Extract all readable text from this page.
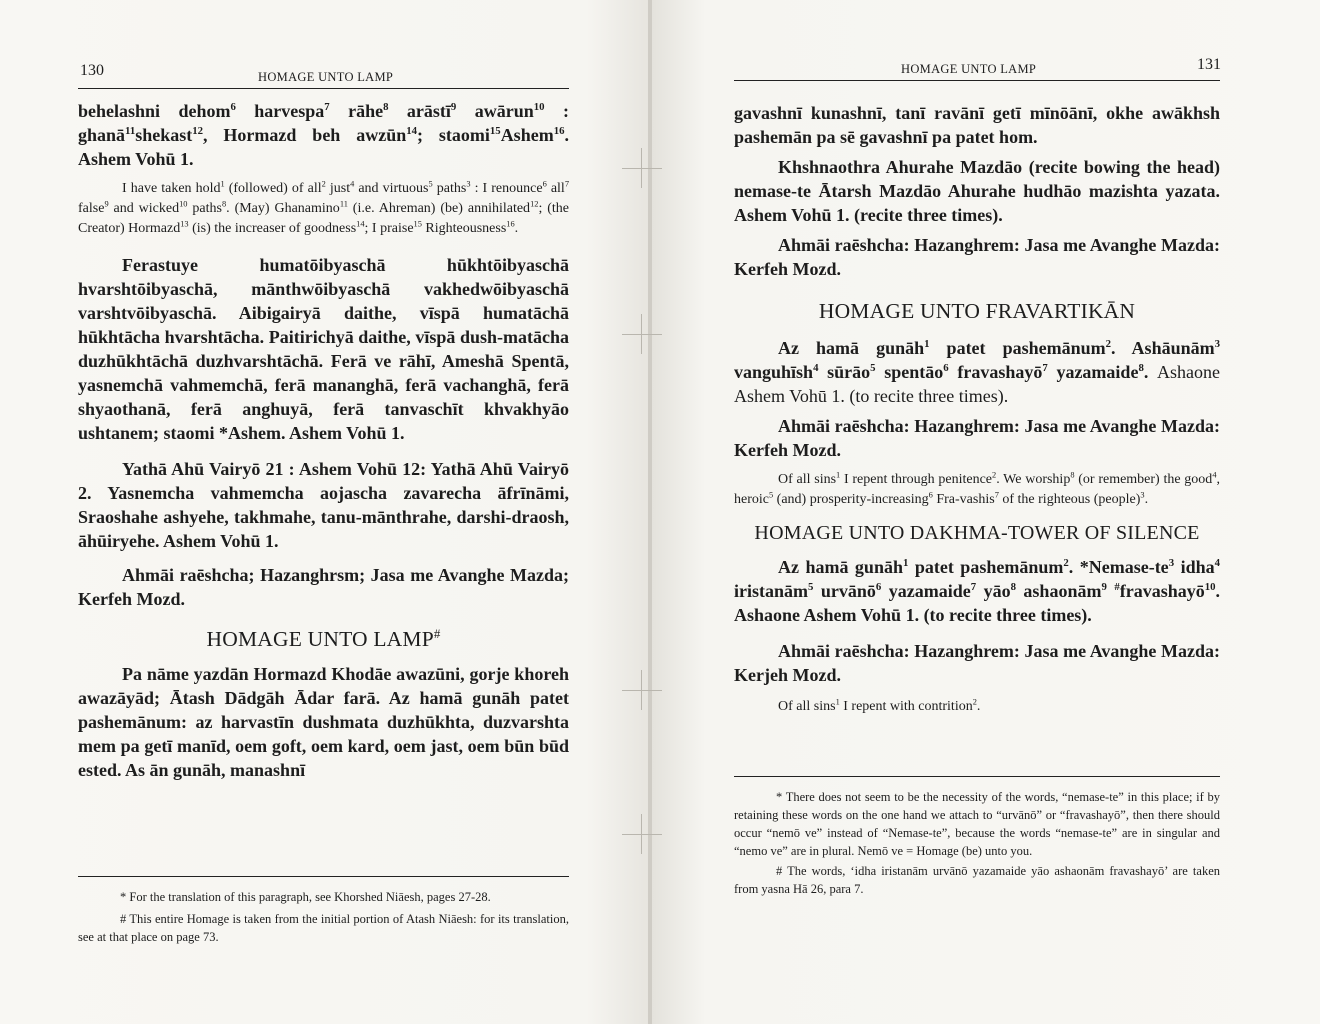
130	HOMAGE UNTO LAMP

behelashni dehom$^6$ harvespa$^7$ rāhe$^8$ arāstī$^9$ awārun$^{10}$ : ghanā$^{11}$shekast$^{12}$, Hormazd beh awzūn$^{14}$; staomi$^{15}$Ashem$^{16}$. Ashem Vohū 1.

I have taken hold$^1$ (followed) of all$^2$ just$^4$ and virtuous$^5$ paths$^3$ : I renounce$^6$ all$^7$ false$^9$ and wicked$^{10}$ paths$^8$. (May) Ghanamino$^{11}$ (i.e. Ahreman) (be) annihilated$^{12}$; (the Creator) Hormazd$^{13}$ (is) the increaser of goodness$^{14}$; I praise$^{15}$ Righteousness$^{16}$.

Ferastuye humatōibyaschā hūkhtōibyaschā hvarshtōibyaschā, mānthwōibyaschā vakhedwōibyaschā varshtvōibyaschā. Aibigairyā daithe, vīspā humatāchā hūkhtācha hvarshtācha. Paitirichyā daithe, vīspā dush-matācha duzhūkhtāchā duzhvarshtāchā. Ferā ve rāhī, Ameshā Spentā, yasnemchā vahmemchā, ferā mananghā, ferā vachanghā, ferā shyaothanā, ferā anghuyā, ferā tanvaschīt khvakhyāo ushtanem; staomi *Ashem. Ashem Vohū 1.

Yathā Ahū Vairyō 21 : Ashem Vohū 12: Yathā Ahū Vairyō 2. Yasnemcha vahmemcha aojascha zavarecha āfrīnāmi, Sraoshahe ashyehe, takhmahe, tanu-mānthrahe, darshi-draosh, āhūiryehe. Ashem Vohū 1.

Ahmāi raēshcha; Hazanghrsm; Jasa me Avanghe Mazda; Kerfeh Mozd.

HOMAGE UNTO LAMP#

Pa nāme yazdān Hormazd Khodāe awazūni, gorje khoreh awazāyād; Ātash Dādgāh Ādar farā. Az hamā gunāh patet pashemānum: az harvastīn dushmata duzhūkhta, duzvarshta mem pa getī manīd, oem goft, oem kard, oem jast, oem būn būd ested. As ān gunāh, manashnī

* For the translation of this paragraph, see Khorshed Niāesh, pages 27-28.

# This entire Homage is taken from the initial portion of Atash Niāesh: for its translation, see at that place on page 73.

HOMAGE UNTO LAMP	131

gavashnī kunashnī, tanī ravānī getī mīnōānī, okhe awākhsh pashemān pa sē gavashnī pa patet hom.

Khshnaothra Ahurahe Mazdāo (recite bowing the head) nemase-te Ātarsh Mazdāo Ahurahe hudhāo mazishta yazata. Ashem Vohū 1. (recite three times).

Ahmāi raēshcha: Hazanghrem: Jasa me Avanghe Mazda: Kerfeh Mozd.

HOMAGE UNTO FRAVARTIKĀN

Az hamā gunāh$^1$ patet pashemānum$^2$. Ashāunām$^3$ vanguhīsh$^4$ sūrāo$^5$ spentāo$^6$ fravashayō$^7$ yazamaide$^8$. Ashaone Ashem Vohū 1. (to recite three times).

Ahmāi raēshcha: Hazanghrem: Jasa me Avanghe Mazda: Kerfeh Mozd.

Of all sins$^1$ I repent through penitence$^2$. We worship$^8$ (or remember) the good$^4$, heroic$^5$ (and) prosperity-increasing$^6$ Fra-vashis$^7$ of the righteous (people)$^3$.

HOMAGE UNTO DAKHMA-TOWER OF SILENCE

Az hamā gunāh$^1$ patet pashemānum$^2$. $*Nemase-te^3$ idha$^4$ iristanām$^5$ urvānō$^6$ yazamaide$^7$ yāo$^8$ ashaonām$^9$ #fravashayō$^{10}$. Ashaone Ashem Vohū 1. (to recite three times).

Ahmāi raēshcha: Hazanghrem: Jasa me Avanghe Mazda: Kerjeh Mozd.

Of all sins$^1$ I repent with contrition$^2$.

* There does not seem to be the necessity of the words, “nemase-te” in this place; if by retaining these words on the one hand we attach to “urvānō” or “fravashayō”, then there should occur “nemō ve” instead of “Nemase-te”, because the words “nemase-te” are in singular and “nemo ve” are in plural. Nemō ve = Homage (be) unto you.

# The words, ‘idha iristanām urvānō yazamaide yāo ashaonām fravashayō’ are taken from yasna Hā 26, para 7.
